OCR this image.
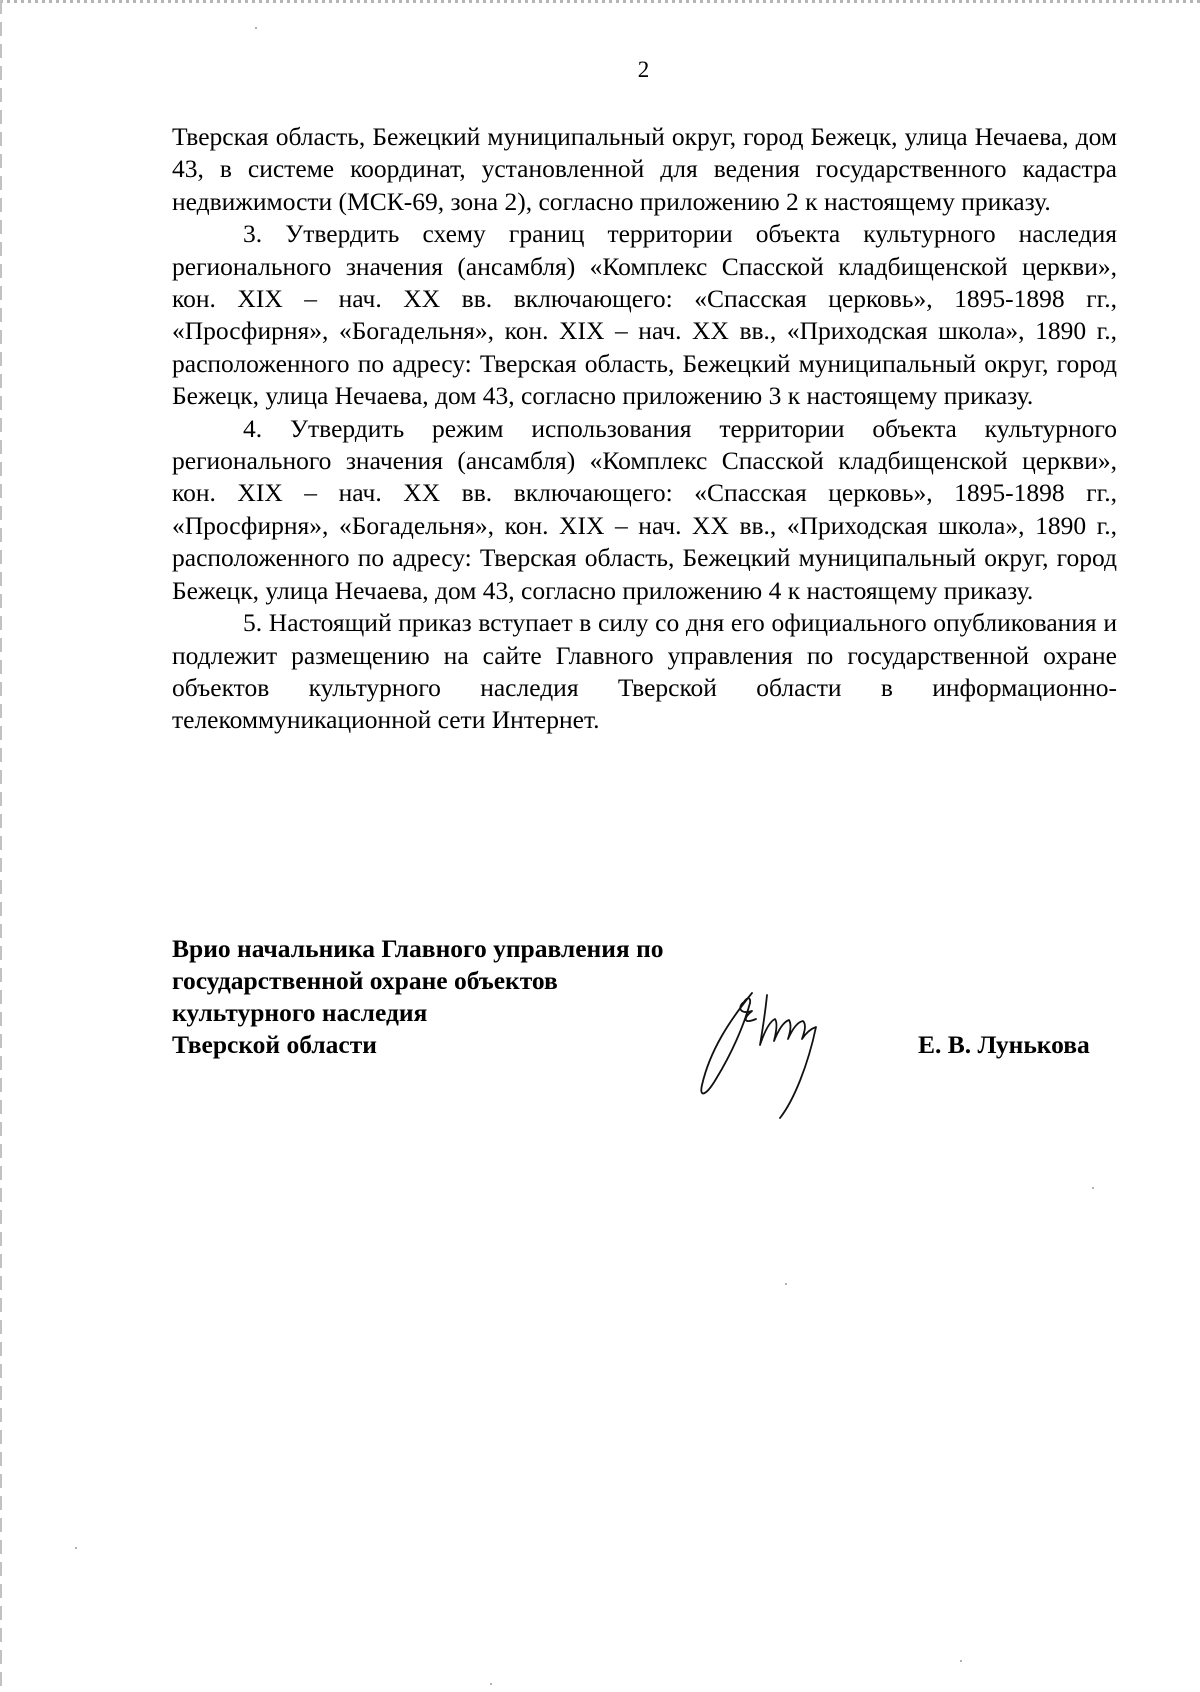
2

Тверская область, Бежецкий муниципальный округ, город Бежецк, улица Нечаева, дом 43, в системе координат, установленной для ведения государственного кадастра недвижимости (МСК-69, зона 2), согласно приложению 2 к настоящему приказу.

3. Утвердить схему границ территории объекта культурного наследия регионального значения (ансамбля) «Комплекс Спасской кладбищенской церкви», кон. XIX – нач. XX вв. включающего: «Спасская церковь», 1895-1898 гг., «Просфирня», «Богадельня», кон. XIX – нач. XX вв., «Приходская школа», 1890 г., расположенного по адресу: Тверская область, Бежецкий муниципальный округ, город Бежецк, улица Нечаева, дом 43, согласно приложению 3 к настоящему приказу.

4. Утвердить режим использования территории объекта культурного регионального значения (ансамбля) «Комплекс Спасской кладбищенской церкви», кон. XIX – нач. XX вв. включающего: «Спасская церковь», 1895-1898 гг., «Просфирня», «Богадельня», кон. XIX – нач. XX вв., «Приходская школа», 1890 г., расположенного по адресу: Тверская область, Бежецкий муниципальный округ, город Бежецк, улица Нечаева, дом 43, согласно приложению 4 к настоящему приказу.

5. Настоящий приказ вступает в силу со дня его официального опубликования и подлежит размещению на сайте Главного управления по государственной охране объектов культурного наследия Тверской области в информационно-телекоммуникационной сети Интернет.

Врио начальника Главного управления по
государственной охране объектов
культурного наследия
Тверской области	Е. В. Лунькова
